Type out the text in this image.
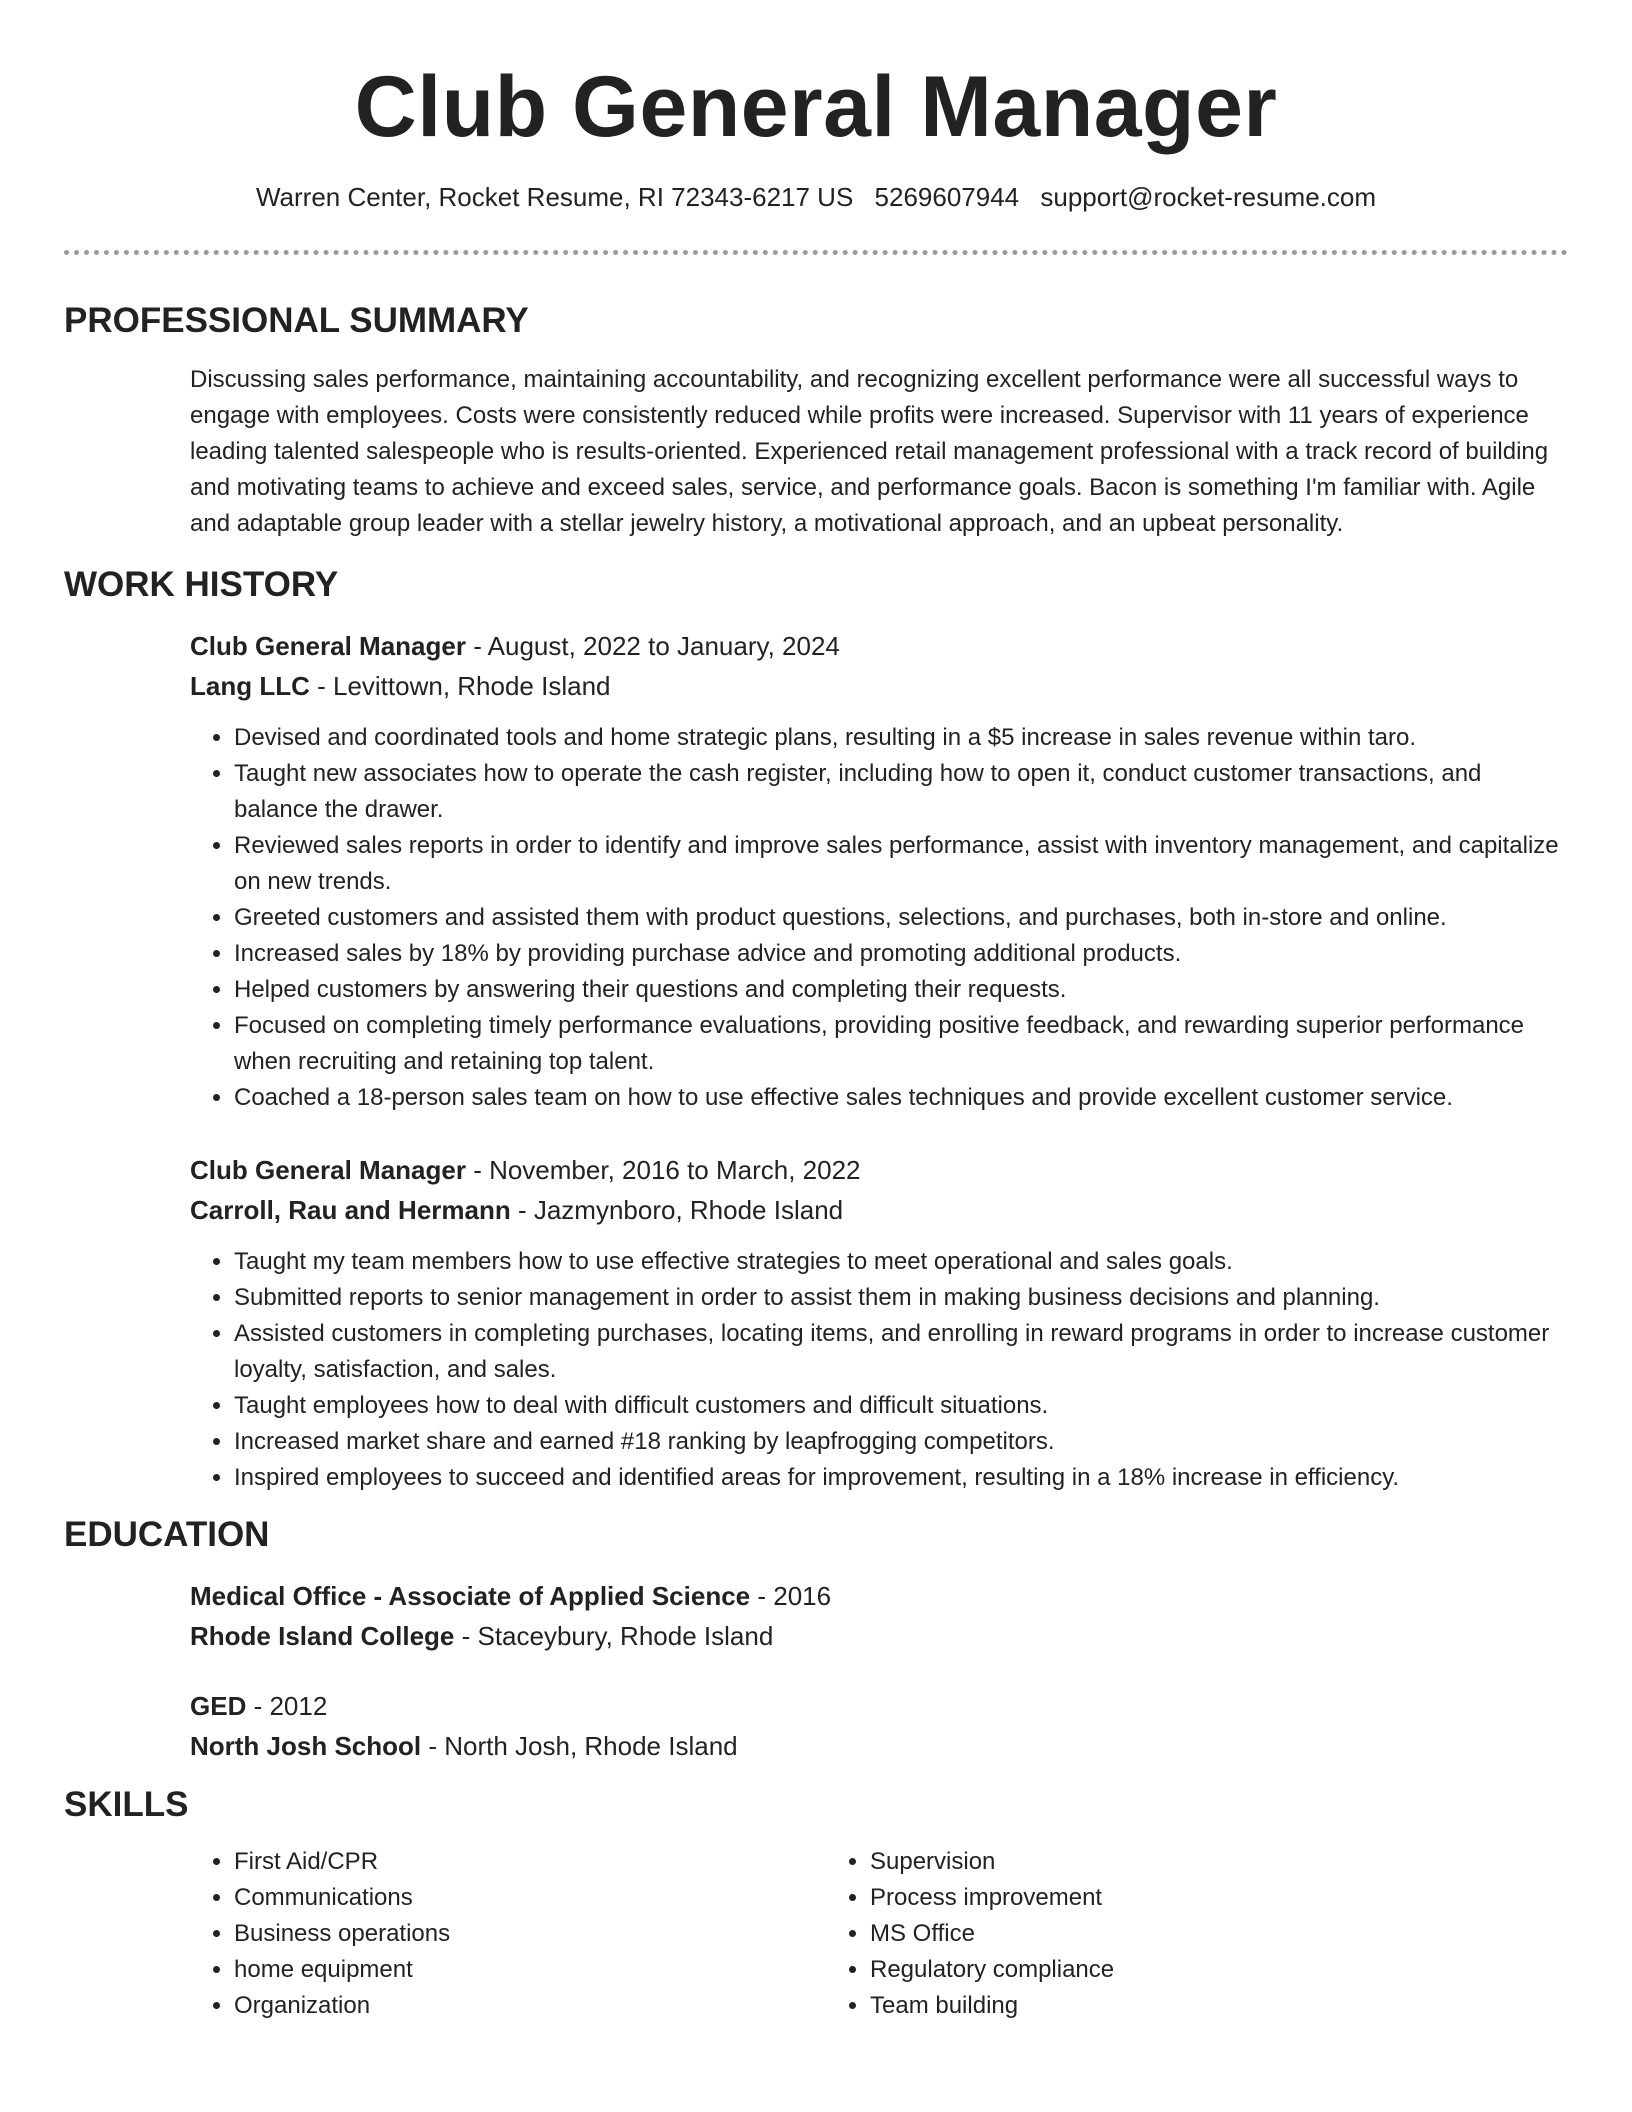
Club General Manager
Warren Center, Rocket Resume, RI 72343-6217 US 5269607944 support@rocket-resume.com
PROFESSIONAL SUMMARY
Discussing sales performance, maintaining accountability, and recognizing excellent performance were all successful ways to engage with employees. Costs were consistently reduced while profits were increased. Supervisor with 11 years of experience leading talented salespeople who is results-oriented. Experienced retail management professional with a track record of building and motivating teams to achieve and exceed sales, service, and performance goals. Bacon is something I'm familiar with. Agile and adaptable group leader with a stellar jewelry history, a motivational approach, and an upbeat personality.
WORK HISTORY
Club General Manager - August, 2022 to January, 2024
Lang LLC - Levittown, Rhode Island
• Devised and coordinated tools and home strategic plans, resulting in a $5 increase in sales revenue within taro.
• Taught new associates how to operate the cash register, including how to open it, conduct customer transactions, and balance the drawer.
• Reviewed sales reports in order to identify and improve sales performance, assist with inventory management, and capitalize on new trends.
• Greeted customers and assisted them with product questions, selections, and purchases, both in-store and online.
• Increased sales by 18% by providing purchase advice and promoting additional products.
• Helped customers by answering their questions and completing their requests.
• Focused on completing timely performance evaluations, providing positive feedback, and rewarding superior performance when recruiting and retaining top talent.
• Coached a 18-person sales team on how to use effective sales techniques and provide excellent customer service.
Club General Manager - November, 2016 to March, 2022
Carroll, Rau and Hermann - Jazmynboro, Rhode Island
• Taught my team members how to use effective strategies to meet operational and sales goals.
• Submitted reports to senior management in order to assist them in making business decisions and planning.
• Assisted customers in completing purchases, locating items, and enrolling in reward programs in order to increase customer loyalty, satisfaction, and sales.
• Taught employees how to deal with difficult customers and difficult situations.
• Increased market share and earned #18 ranking by leapfrogging competitors.
• Inspired employees to succeed and identified areas for improvement, resulting in a 18% increase in efficiency.
EDUCATION
Medical Office - Associate of Applied Science - 2016
Rhode Island College - Staceybury, Rhode Island
GED - 2012
North Josh School - North Josh, Rhode Island
SKILLS
• First Aid/CPR
• Communications
• Business operations
• home equipment
• Organization
• Supervision
• Process improvement
• MS Office
• Regulatory compliance
• Team building
